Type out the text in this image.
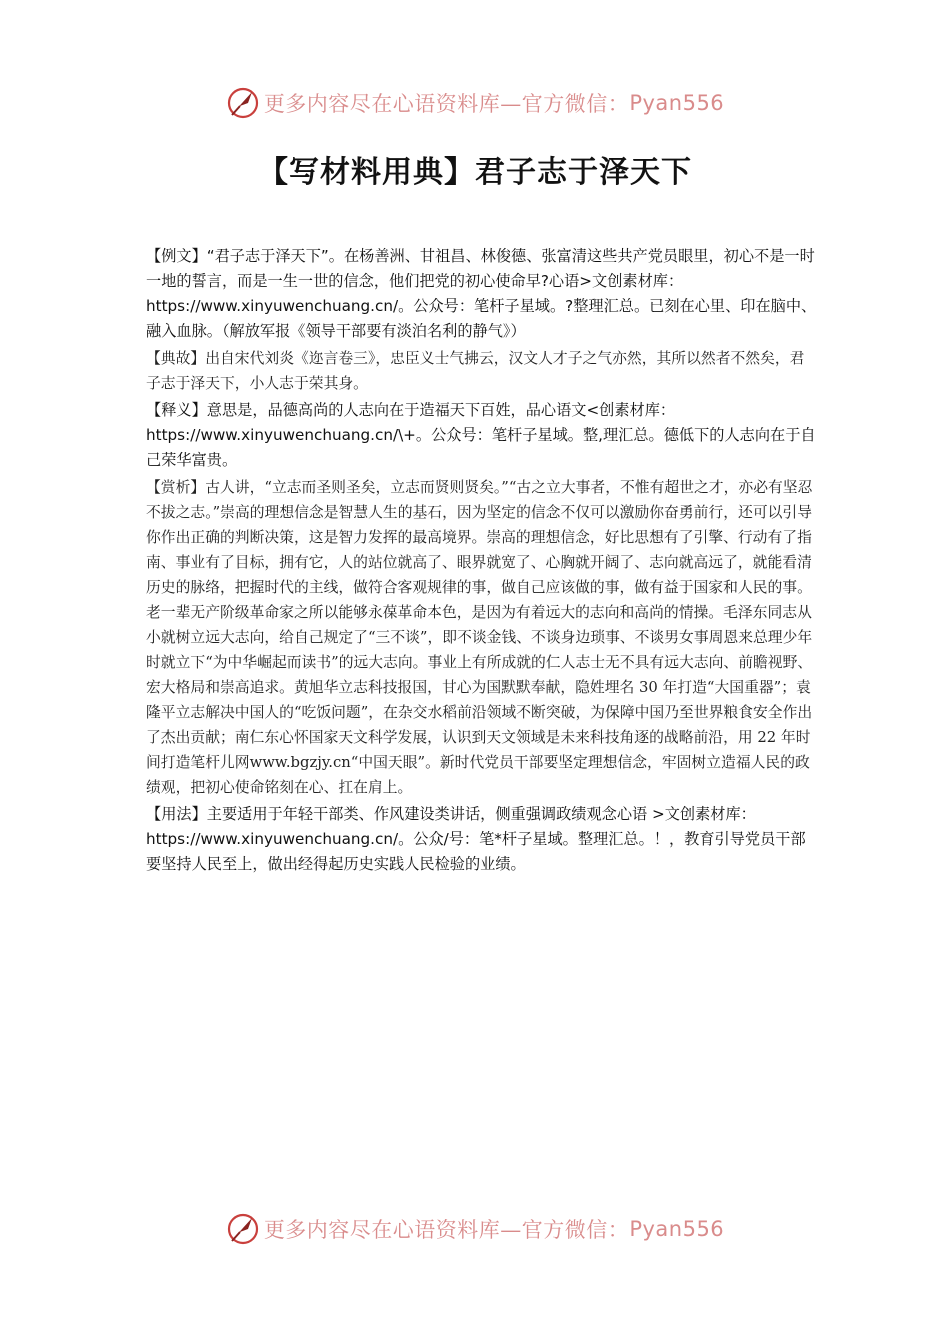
更多内容尽在心语资料库—官方微信： Pyan556
【写材料用典】君子志于泽天下

【例文】“君子志于泽天下”。在杨善洲、甘祖昌、林俊德、张富清这些共产党员眼里，初心不是一时一地的誓言，而是一生一世的信念，他们把党的初心使命早?心语>文创素材库：https://www.xinyuwenchuang.cn/。公众号：笔杆子星域。?整理汇总。已刻在心里、印在脑中、融入血脉。（解放军报《领导干部要有淡泊名利的静气》）

【典故】出自宋代刘炎《迩言卷三》，忠臣义士气拂云，汉文人才子之气亦然，其所以然者不然矣，君子志于泽天下，小人志于荣其身。

【释义】意思是，品德高尚的人志向在于造福天下百姓，品心语文<创素材库：https://www.xinyuwenchuang.cn/\+。公众号：笔杆子星域。整,理汇总。德低下的人志向在于自己荣华富贵。

【赏析】古人讲，“立志而圣则圣矣，立志而贤则贤矣。”“古之立大事者，不惟有超世之才，亦必有坚忍不拔之志。”崇高的理想信念是智慧人生的基石，因为坚定的信念不仅可以激励你奋勇前行，还可以引导你作出正确的判断决策，这是智力发挥的最高境界。崇高的理想信念，好比思想有了引擎、行动有了指南、事业有了目标，拥有它，人的站位就高了、眼界就宽了、心胸就开阔了、志向就高远了，就能看清历史的脉络，把握时代的主线，做符合客观规律的事，做自己应该做的事，做有益于国家和人民的事。老一辈无产阶级革命家之所以能够永葆革命本色，是因为有着远大的志向和高尚的情操。毛泽东同志从小就树立远大志向，给自己规定了“三不谈”，即不谈金钱、不谈身边琐事、不谈男女事周恩来总理少年时就立下“为中华崛起而读书”的远大志向。事业上有所成就的仁人志士无不具有远大志向、前瞻视野、宏大格局和崇高追求。黄旭华立志科技报国，甘心为国默默奉献，隐姓埋名 30 年打造“大国重器”；袁隆平立志解决中国人的“吃饭问题”，在杂交水稻前沿领域不断突破，为保障中国乃至世界粮食安全作出了杰出贡献；南仁东心怀国家天文科学发展，认识到天文领域是未来科技角逐的战略前沿，用 22 年时间打造笔杆儿网www.bgzjy.cn“中国天眼”。新时代党员干部要坚定理想信念，牢固树立造福人民的政绩观，把初心使命铭刻在心、扛在肩上。

【用法】主要适用于年轻干部类、作风建设类讲话，侧重强调政绩观念心语 >文创素材库：https://www.xinyuwenchuang.cn/。公众/号：笔*杆子星域。整理汇总。！，教育引导党员干部要坚持人民至上，做出经得起历史实践人民检验的业绩。

更多内容尽在心语资料库—官方微信： Pyan556
